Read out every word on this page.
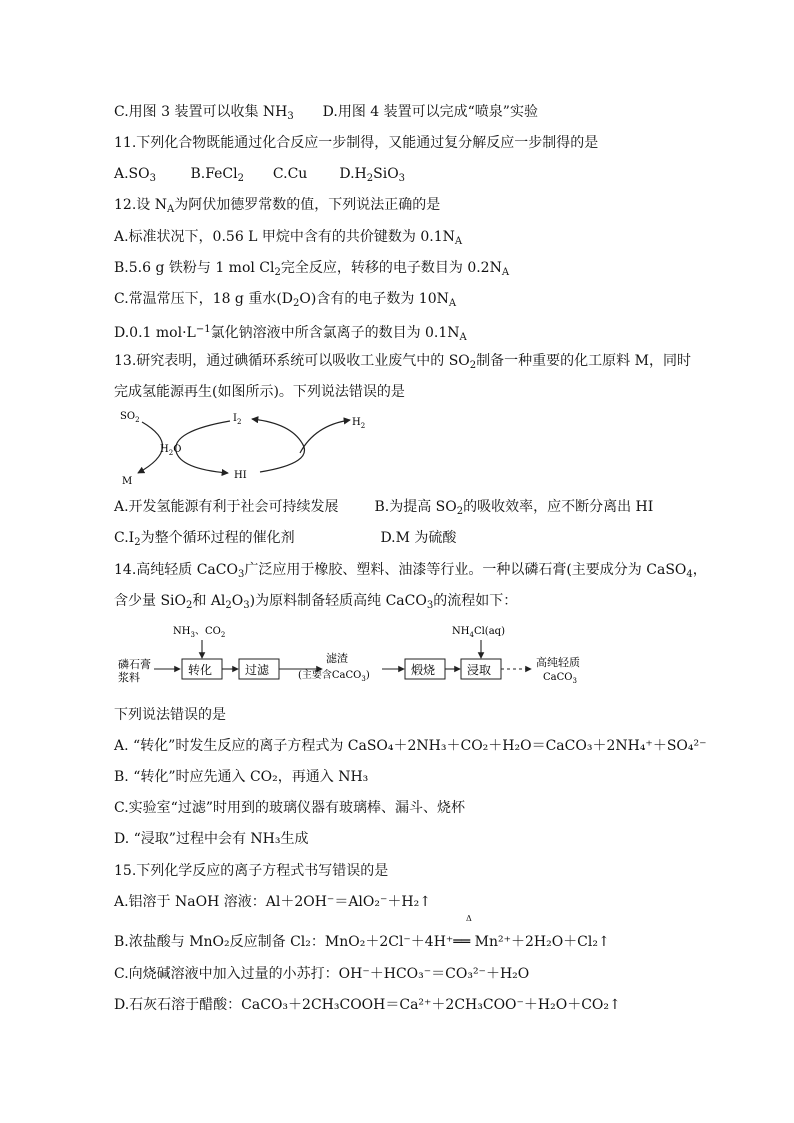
C.用图 3 装置可以收集 $NH_3$ D.用图 4 装置可以完成“喷泉”实验
11.下列化合物既能通过化合反应一步制得，又能通过复分解反应一步制得的是
$A.SO_3$ B.FeCl$_2$ C.Cu $D.H_2SiO_3$
12.设 $N_A$为阿伏加德罗常数的值，下列说法正确的是
A.标准状况下，0.56 L 甲烷中含有的共价键数为 $0.1N_A$
B.5.6 g 铁粉与 1 mol $Cl_2$完全反应，转移的电子数目为 $0.2N_A$
C.常温常压下，18 g 重水$(D_2O)$含有的电子数为 $10N_A$
D.0.1 $mol\cdot L^{-1}$氯化钠溶液中所含氯离子的数目为 $0.1N_A$
13.研究表明，通过碘循环系统可以吸收工业废气中的 $SO_2$制备一种重要的化工原料 M，同时
完成氢能源再生(如图所示)。下列说法错误的是
$SO_2$	$I_2$	$H_2$
$H_2O$
M
HI
A.开发氢能源有利于社会可持续发展	B.为提高 $SO_2$的吸收效率，应不断分离出 HI
$C.I_2$为整个循环过程的催化剂	D.M 为硫酸
14.高纯轻质 CaCO$_3$广泛应用于橡胶、塑料、油漆等行业。一种以磷石膏(主要成分为 CaSO$_4$，
含少量 SiO$_2$和 $Al_2O_3$)为原料制备轻质高纯 CaCO$_3$的流程如下：
磷石膏
浆料
$NH_3$、$CO_2$
转化	过滤
滤渣
(主要含CaCO$_3$)	煅烧
$NH_4Cl(aq)$
浸取
高纯轻质
CaCO$_3$
下列说法错误的是
A. “转化”时发生反应的离子方程式为 CaSO₄＋2NH₃＋CO₂＋H₂O＝CaCO₃＋2NH₄⁺＋SO₄²⁻
B. “转化”时应先通入 CO₂，再通入 NH₃
C.实验室“过滤”时用到的玻璃仪器有玻璃棒、漏斗、烧杯
D. “浸取”过程中会有 NH₃生成
15.下列化学反应的离子方程式书写错误的是
A.铝溶于 NaOH 溶液：Al＋2OH⁻＝AlO₂⁻＋H₂↑
Δ
B.浓盐酸与 MnO₂反应制备 Cl₂：MnO₂＋2Cl⁻＋4H⁺══ Mn²⁺＋2H₂O＋Cl₂↑
C.向烧碱溶液中加入过量的小苏打：OH⁻＋HCO₃⁻＝CO₃²⁻＋H₂O
D.石灰石溶于醋酸：CaCO₃＋2CH₃COOH＝Ca²⁺＋2CH₃COO⁻＋H₂O＋CO₂↑
